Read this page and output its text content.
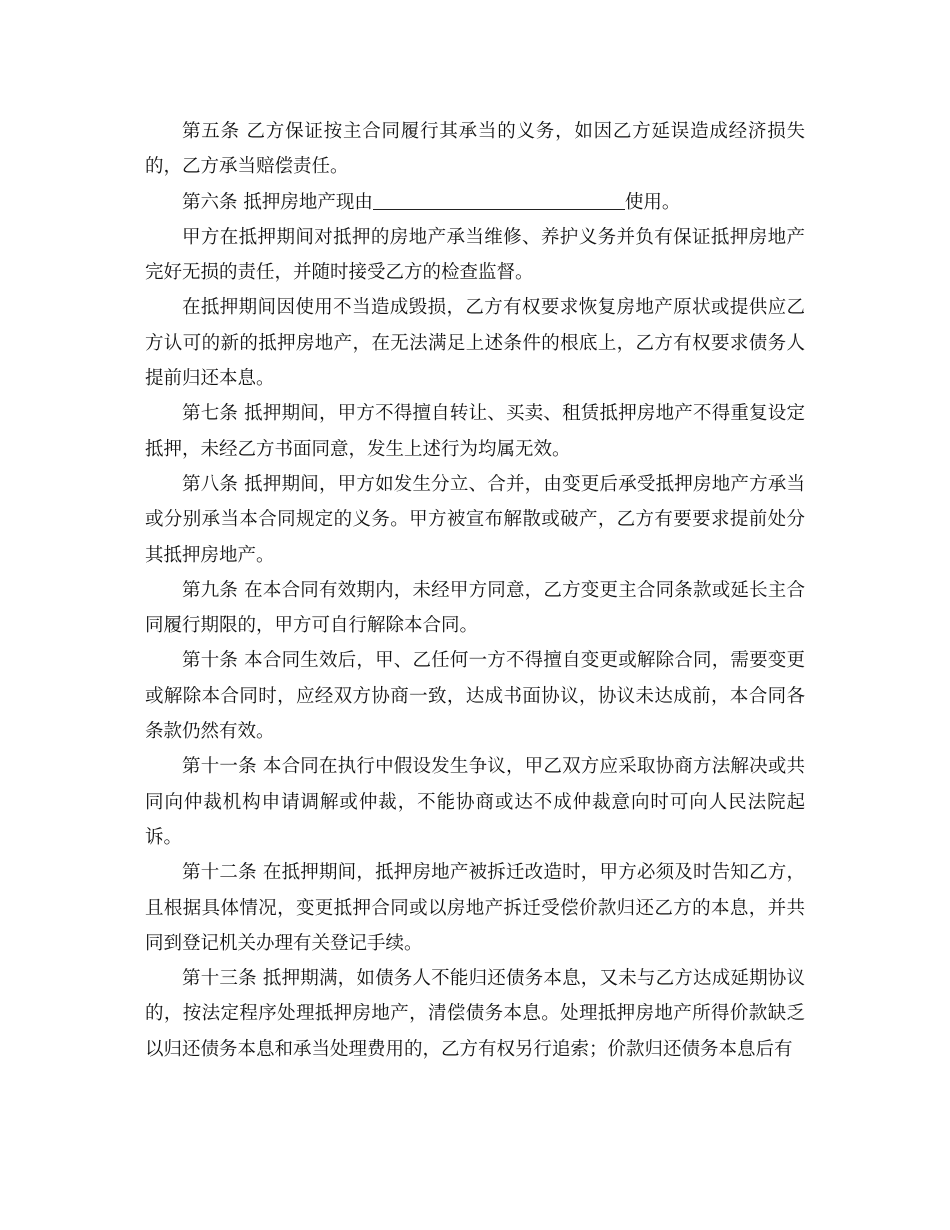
第五条 乙方保证按主合同履行其承当的义务，如因乙方延误造成经济损失的，乙方承当赔偿责任。

第六条 抵押房地产现由	使用。

甲方在抵押期间对抵押的房地产承当维修、养护义务并负有保证抵押房地产完好无损的责任，并随时接受乙方的检查监督。

在抵押期间因使用不当造成毁损，乙方有权要求恢复房地产原状或提供应乙方认可的新的抵押房地产，在无法满足上述条件的根底上，乙方有权要求债务人提前归还本息。

第七条 抵押期间，甲方不得擅自转让、买卖、租赁抵押房地产不得重复设定抵押，未经乙方书面同意，发生上述行为均属无效。

第八条 抵押期间，甲方如发生分立、合并，由变更后承受抵押房地产方承当或分别承当本合同规定的义务。甲方被宣布解散或破产，乙方有要要求提前处分其抵押房地产。

第九条 在本合同有效期内，未经甲方同意，乙方变更主合同条款或延长主合同履行期限的，甲方可自行解除本合同。

第十条 本合同生效后，甲、乙任何一方不得擅自变更或解除合同，需要变更或解除本合同时，应经双方协商一致，达成书面协议，协议未达成前，本合同各条款仍然有效。

第十一条 本合同在执行中假设发生争议，甲乙双方应采取协商方法解决或共同向仲裁机构申请调解或仲裁，不能协商或达不成仲裁意向时可向人民法院起诉。

第十二条 在抵押期间，抵押房地产被拆迁改造时，甲方必须及时告知乙方，且根据具体情况，变更抵押合同或以房地产拆迁受偿价款归还乙方的本息，并共同到登记机关办理有关登记手续。

第十三条 抵押期满，如债务人不能归还债务本息，又未与乙方达成延期协议的，按法定程序处理抵押房地产，清偿债务本息。处理抵押房地产所得价款缺乏以归还债务本息和承当处理费用的，乙方有权另行追索；价款归还债务本息后有
